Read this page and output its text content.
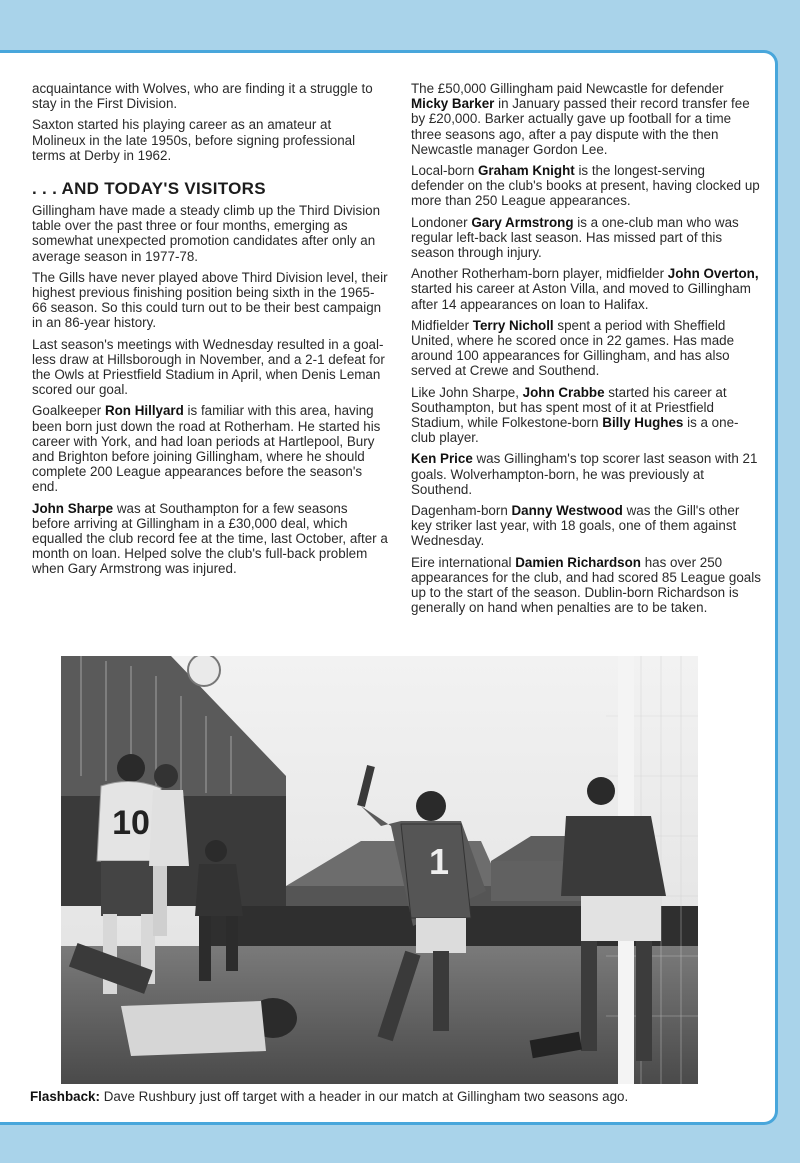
acquaintance with Wolves, who are finding it a struggle to stay in the First Division.

Saxton started his playing career as an amateur at Molineux in the late 1950s, before signing professional terms at Derby in 1962.

. . . AND TODAY'S VISITORS

Gillingham have made a steady climb up the Third Division table over the past three or four months, emerging as somewhat unexpected promotion candidates after only an average season in 1977-78.

The Gills have never played above Third Division level, their highest previous finishing position being sixth in the 1965-66 season. So this could turn out to be their best campaign in an 86-year history.

Last season's meetings with Wednesday resulted in a goal-less draw at Hillsborough in November, and a 2-1 defeat for the Owls at Priestfield Stadium in April, when Denis Leman scored our goal.

Goalkeeper Ron Hillyard is familiar with this area, having been born just down the road at Rotherham. He started his career with York, and had loan periods at Hartlepool, Bury and Brighton before joining Gillingham, where he should complete 200 League appearances before the season's end.

John Sharpe was at Southampton for a few seasons before arriving at Gillingham in a £30,000 deal, which equalled the club record fee at the time, last October, after a month on loan. Helped solve the club's full-back problem when Gary Armstrong was injured.

The £50,000 Gillingham paid Newcastle for defender Micky Barker in January passed their record transfer fee by £20,000. Barker actually gave up football for a time three seasons ago, after a pay dispute with the then Newcastle manager Gordon Lee.

Local-born Graham Knight is the longest-serving defender on the club's books at present, having clocked up more than 250 League appearances.

Londoner Gary Armstrong is a one-club man who was regular left-back last season. Has missed part of this season through injury.

Another Rotherham-born player, midfielder John Overton, started his career at Aston Villa, and moved to Gillingham after 14 appearances on loan to Halifax.

Midfielder Terry Nicholl spent a period with Sheffield United, where he scored once in 22 games. Has made around 100 appearances for Gillingham, and has also served at Crewe and Southend.

Like John Sharpe, John Crabbe started his career at Southampton, but has spent most of it at Priestfield Stadium, while Folkestone-born Billy Hughes is a one-club player.

Ken Price was Gillingham's top scorer last season with 21 goals. Wolverhampton-born, he was previously at Southend.

Dagenham-born Danny Westwood was the Gill's other key striker last year, with 18 goals, one of them against Wednesday.

Eire international Damien Richardson has over 250 appearances for the club, and had scored 85 League goals up to the start of the season. Dublin-born Richardson is generally on hand when penalties are to be taken.

10
1
Flashback: Dave Rushbury just off target with a header in our match at Gillingham two seasons ago.
